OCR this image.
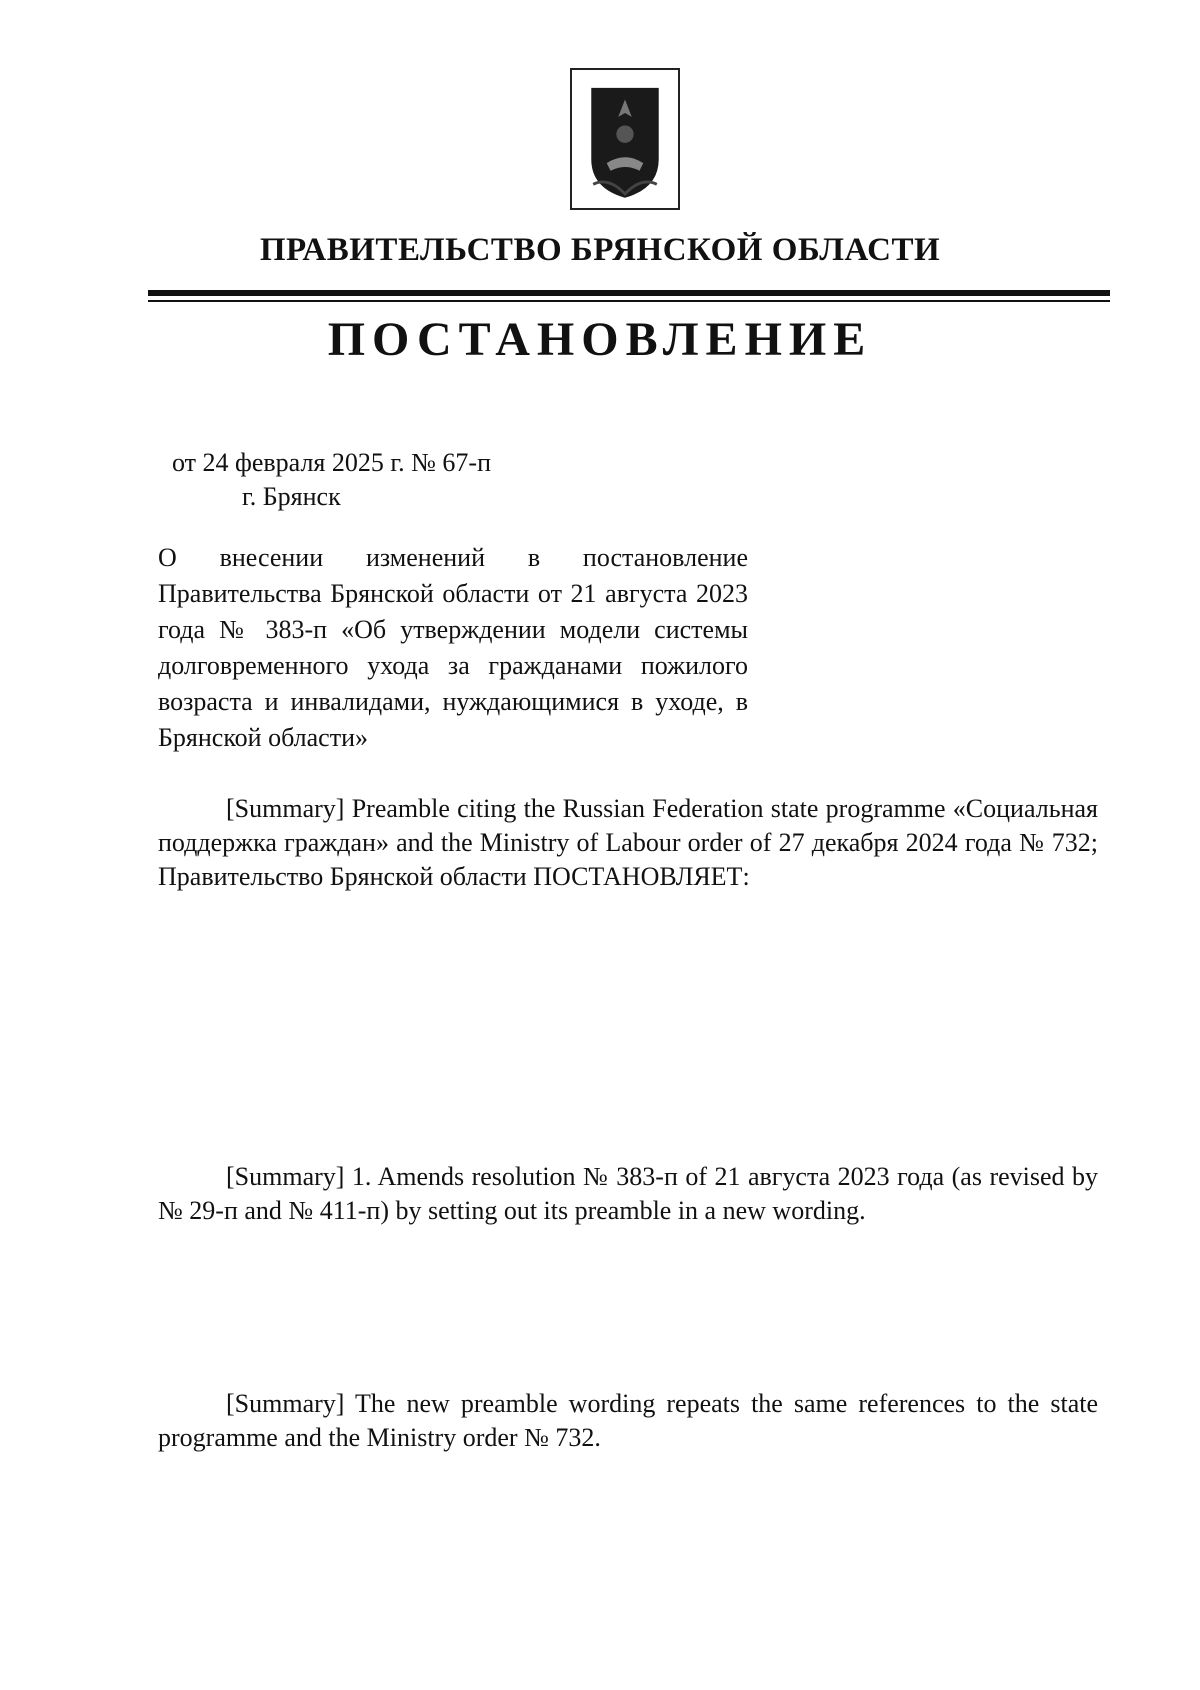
ПРАВИТЕЛЬСТВО БРЯНСКОЙ ОБЛАСТИ
ПОСТАНОВЛЕНИЕ
от 24 февраля 2025 г. № 67-п
г. Брянск
О внесении изменений в постановление Правительства Брянской области от 21 августа 2023 года № 383-п «Об утверждении модели системы долговременного ухода за гражданами пожилого возраста и инвалидами, нуждающимися в уходе, в Брянской области»
[Summary] Preamble citing the Russian Federation state programme «Социальная поддержка граждан» and the Ministry of Labour order of 27 декабря 2024 года № 732; Правительство Брянской области ПОСТАНОВЛЯЕТ:
[Summary] 1. Amends resolution № 383-п of 21 августа 2023 года (as revised by № 29-п and № 411-п) by setting out its preamble in a new wording.
[Summary] The new preamble wording repeats the same references to the state programme and the Ministry order № 732.
